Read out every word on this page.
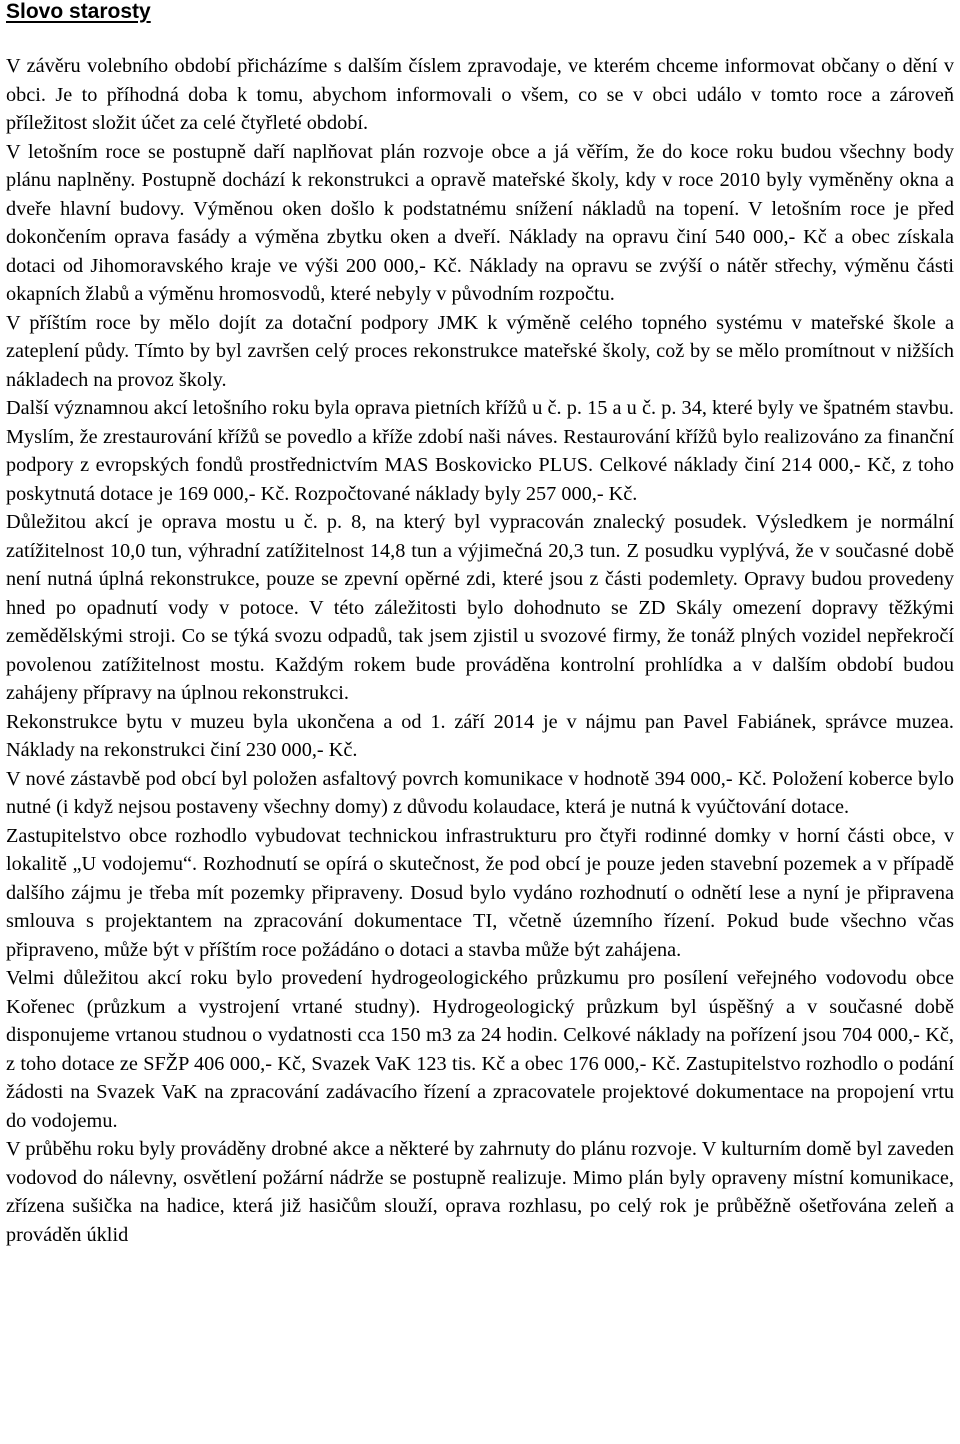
Slovo starosty

V závěru volebního období přicházíme s dalším číslem zpravodaje, ve kterém chceme informovat občany o dění v obci. Je to příhodná doba k tomu, abychom informovali o všem, co se v obci událo v tomto roce a zároveň příležitost složit účet za celé čtyřleté období.

V letošním roce se postupně daří naplňovat plán rozvoje obce a já věřím, že do koce roku budou všechny body plánu naplněny. Postupně dochází k rekonstrukci a opravě mateřské školy, kdy v roce 2010 byly vyměněny okna a dveře hlavní budovy. Výměnou oken došlo k podstatnému snížení nákladů na topení. V letošním roce je před dokončením oprava fasády a výměna zbytku oken a dveří. Náklady na opravu činí 540 000,- Kč a obec získala dotaci od Jihomoravského kraje ve výši 200 000,- Kč. Náklady na opravu se zvýší o nátěr střechy, výměnu části okapních žlabů a výměnu hromosvodů, které nebyly v původním rozpočtu.

V příštím roce by mělo dojít za dotační podpory JMK k výměně celého topného systému v mateřské škole a zateplení půdy. Tímto by byl završen celý proces rekonstrukce mateřské školy, což by se mělo promítnout v nižších nákladech na provoz školy.

Další významnou akcí letošního roku byla oprava pietních křížů u č. p. 15 a u č. p. 34, které byly ve špatném stavbu. Myslím, že zrestaurování křížů se povedlo a kříže zdobí naši náves. Restaurování křížů bylo realizováno za finanční podpory z evropských fondů prostřednictvím MAS Boskovicko PLUS. Celkové náklady činí 214 000,- Kč, z toho poskytnutá dotace je 169 000,- Kč. Rozpočtované náklady byly 257 000,- Kč.

Důležitou akcí je oprava mostu u č. p. 8, na který byl vypracován znalecký posudek. Výsledkem je normální zatížitelnost 10,0 tun, výhradní zatížitelnost 14,8 tun a výjimečná 20,3 tun. Z posudku vyplývá, že v současné době není nutná úplná rekonstrukce, pouze se zpevní opěrné zdi, které jsou z části podemlety. Opravy budou provedeny hned po opadnutí vody v potoce. V této záležitosti bylo dohodnuto se ZD Skály omezení dopravy těžkými zemědělskými stroji. Co se týká svozu odpadů, tak jsem zjistil u svozové firmy, že tonáž plných vozidel nepřekročí povolenou zatížitelnost mostu. Každým rokem bude prováděna kontrolní prohlídka a v dalším období budou zahájeny přípravy na úplnou rekonstrukci.

Rekonstrukce bytu v muzeu byla ukončena a od 1. září 2014 je v nájmu pan Pavel Fabiánek, správce muzea. Náklady na rekonstrukci činí 230 000,- Kč.

V nové zástavbě pod obcí byl položen asfaltový povrch komunikace v hodnotě 394 000,- Kč. Položení koberce bylo nutné (i když nejsou postaveny všechny domy) z důvodu kolaudace, která je nutná k vyúčtování dotace.

Zastupitelstvo obce rozhodlo vybudovat technickou infrastrukturu pro čtyři rodinné domky v horní části obce, v lokalitě „U vodojemu“. Rozhodnutí se opírá o skutečnost, že pod obcí je pouze jeden stavební pozemek a v případě dalšího zájmu je třeba mít pozemky připraveny. Dosud bylo vydáno rozhodnutí o odnětí lese a nyní je připravena smlouva s projektantem na zpracování dokumentace TI, včetně územního řízení. Pokud bude všechno včas připraveno, může být v příštím roce požádáno o dotaci a stavba může být zahájena.

Velmi důležitou akcí roku bylo provedení hydrogeologického průzkumu pro posílení veřejného vodovodu obce Kořenec (průzkum a vystrojení vrtané studny). Hydrogeologický průzkum byl úspěšný a v současné době disponujeme vrtanou studnou o vydatnosti cca 150 m3 za 24 hodin. Celkové náklady na pořízení jsou 704 000,- Kč, z toho dotace ze SFŽP 406 000,- Kč, Svazek VaK 123 tis. Kč a obec 176 000,- Kč. Zastupitelstvo rozhodlo o podání žádosti na Svazek VaK na zpracování zadávacího řízení a zpracovatele projektové dokumentace na propojení vrtu do vodojemu.

V průběhu roku byly prováděny drobné akce a některé by zahrnuty do plánu rozvoje. V kulturním domě byl zaveden vodovod do nálevny, osvětlení požární nádrže se postupně realizuje. Mimo plán byly opraveny místní komunikace, zřízena sušička na hadice, která již hasičům slouží, oprava rozhlasu, po celý rok je průběžně ošetřována zeleň a prováděn úklid
